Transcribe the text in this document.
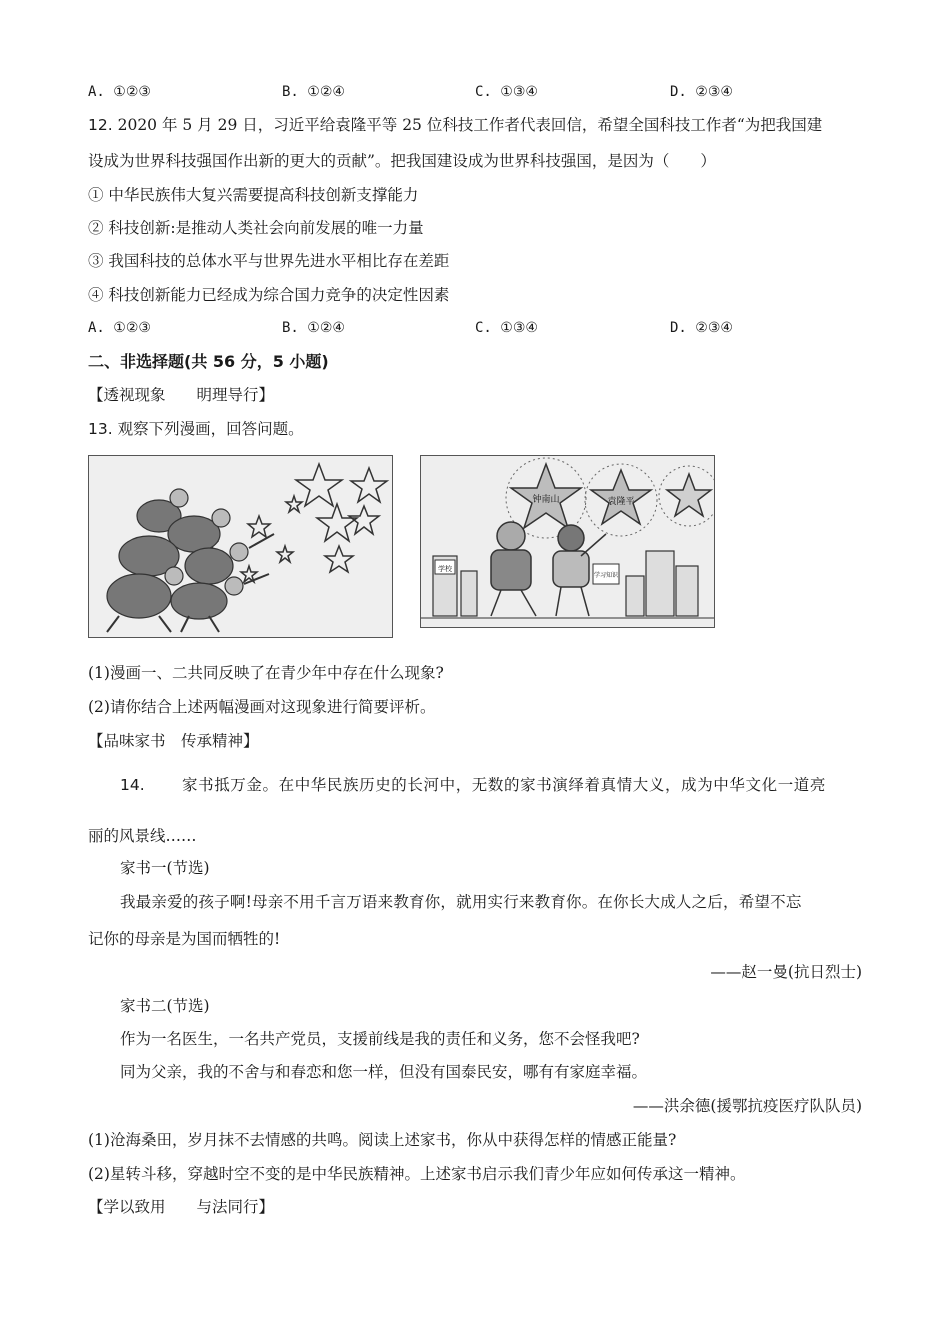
A. ①②③	B. ①②④	C. ①③④	D. ②③④
12. 2020 年 5 月 29 日，习近平给袁隆平等 25 位科技工作者代表回信，希望全国科技工作者“为把我国建
设成为世界科技强国作出新的更大的贡献”。把我国建设成为世界科技强国，是因为（　　）
① 中华民族伟大复兴需要提高科技创新支撑能力
② 科技创新:是推动人类社会向前发展的唯一力量
③ 我国科技的总体水平与世界先进水平相比存在差距
④ 科技创新能力已经成为综合国力竞争的决定性因素
A. ①②③	B. ①②④	C. ①③④	D. ②③④
二、非选择题(共 56 分，5 小题)
【透视现象　　明理导行】
13. 观察下列漫画，回答问题。
钟南山	袁隆平
学校
学习知识
(1)漫画一、二共同反映了在青少年中存在什么现象?
(2)请你结合上述两幅漫画对这现象进行简要评析。
【品味家书　传承精神】
14. 家书抵万金。在中华民族历史的长河中，无数的家书演绎着真情大义，成为中华文化一道亮
丽的风景线……
家书一(节选)
我最亲爱的孩子啊!母亲不用千言万语来教育你，就用实行来教育你。在你长大成人之后，希望不忘
记你的母亲是为国而牺牲的!
——赵一曼(抗日烈士)
家书二(节选)
作为一名医生，一名共产党员，支援前线是我的责任和义务，您不会怪我吧?
同为父亲，我的不舍与和春恋和您一样，但没有国泰民安，哪有有家庭幸福。
——洪余德(援鄂抗疫医疗队队员)
(1)沧海桑田，岁月抹不去情感的共鸣。阅读上述家书，你从中获得怎样的情感正能量?
(2)星转斗移，穿越时空不变的是中华民族精神。上述家书启示我们青少年应如何传承这一精神。
【学以致用　　与法同行】
